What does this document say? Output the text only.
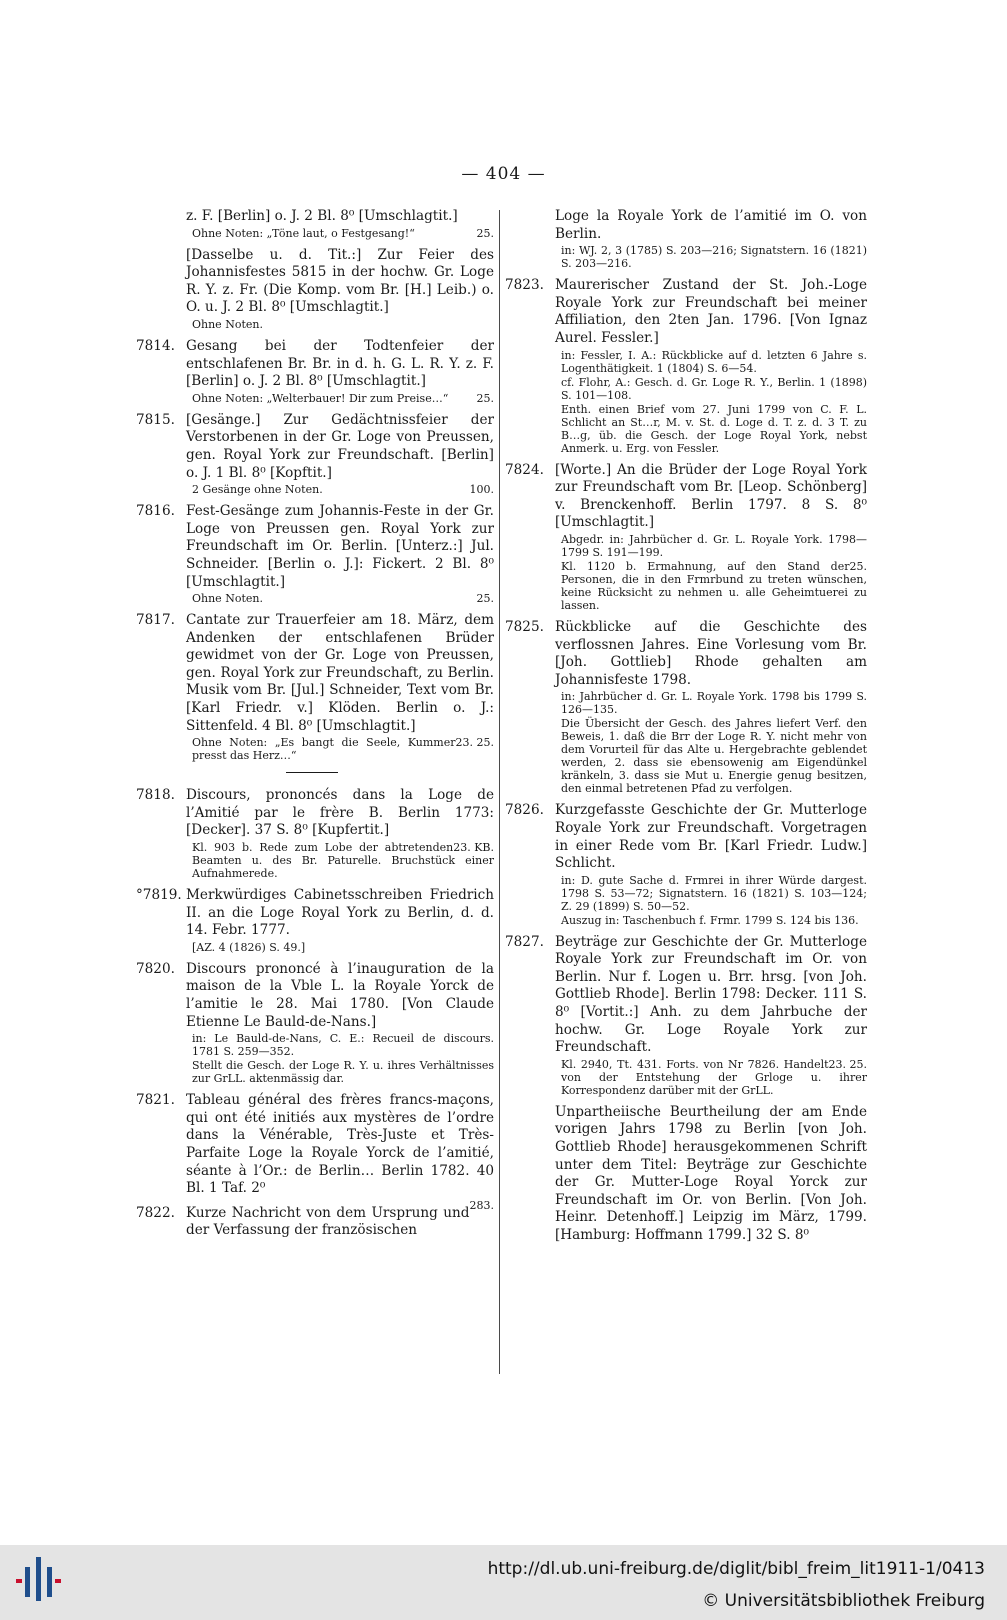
— 404 —
z. F. [Berlin] o. J. 2 Bl. 8⁰ [Umschlagtit.]
25.
Ohne Noten: „Töne laut, o Festgesang!“
[Dasselbe u. d. Tit.:] Zur Feier des Johannisfestes 5815 in der hochw. Gr. Loge R. Y. z. Fr. (Die Komp. vom Br. [H.] Leib.) o. O. u. J. 2 Bl. 8⁰ [Umschlagtit.]
Ohne Noten.
7814. Gesang bei der Todtenfeier der entschlafenen Br. Br. in d. h. G. L. R. Y. z. F. [Berlin] o. J. 2 Bl. 8⁰ [Umschlagtit.]
25.
Ohne Noten: „Welterbauer! Dir zum Preise…“
7815. [Gesänge.] Zur Gedächtnissfeier der Verstorbenen in der Gr. Loge von Preussen, gen. Royal York zur Freundschaft. [Berlin] o. J. 1 Bl. 8⁰ [Kopftit.]
100.
2 Gesänge ohne Noten.
7816. Fest-Gesänge zum Johannis-Feste in der Gr. Loge von Preussen gen. Royal York zur Freundschaft im Or. Berlin. [Unterz.:] Jul. Schneider. [Berlin o. J.]: Fickert. 2 Bl. 8⁰ [Umschlagtit.]
25.
Ohne Noten.
7817. Cantate zur Trauerfeier am 18. März, dem Andenken der entschlafenen Brüder gewidmet von der Gr. Loge von Preussen, gen. Royal York zur Freundschaft, zu Berlin. Musik vom Br. [Jul.] Schneider, Text vom Br. [Karl Friedr. v.] Klöden. Berlin o. J.: Sittenfeld. 4 Bl. 8⁰ [Umschlagtit.]
23. 25.
Ohne Noten: „Es bangt die Seele, Kummer presst das Herz…“
7818. Discours, prononcés dans la Loge de l’Amitié par le frère B. Berlin 1773: [Decker]. 37 S. 8⁰ [Kupfertit.]
23. KB.
Kl. 903 b. Rede zum Lobe der abtretenden Beamten u. des Br. Paturelle. Bruchstück einer Aufnahmerede.
°7819. Merkwürdiges Cabinetsschreiben Friedrich II. an die Loge Royal York zu Berlin, d. d. 14. Febr. 1777.
[AZ. 4 (1826) S. 49.]
7820. Discours prononcé à l’inauguration de la maison de la Vble L. la Royale Yorck de l’amitie le 28. Mai 1780. [Von Claude Etienne Le Bauld-de-Nans.]
in: Le Bauld-de-Nans, C. E.: Recueil de discours. 1781 S. 259—352.
Stellt die Gesch. der Loge R. Y. u. ihres Verhältnisses zur GrLL. aktenmässig dar.
7821. Tableau général des frères francs-maçons, qui ont été initiés aux mystères de l’ordre dans la Vénérable, Très-Juste et Très-Parfaite Loge la Royale Yorck de l’amitié, séante à l’Or.: de Berlin… Berlin 1782. 40 Bl. 1 Taf. 2⁰
283.
7822. Kurze Nachricht von dem Ursprung und der Verfassung der französischen
Loge la Royale York de l’amitié im O. von Berlin.
in: WJ. 2, 3 (1785) S. 203—216; Signatstern. 16 (1821) S. 203—216.
7823. Maurerischer Zustand der St. Joh.-Loge Royale York zur Freundschaft bei meiner Affiliation, den 2ten Jan. 1796. [Von Ignaz Aurel. Fessler.]
in: Fessler, I. A.: Rückblicke auf d. letzten 6 Jahre s. Logenthätigkeit. 1 (1804) S. 6—54.
cf. Flohr, A.: Gesch. d. Gr. Loge R. Y., Berlin. 1 (1898) S. 101—108.
Enth. einen Brief vom 27. Juni 1799 von C. F. L. Schlicht an St…r, M. v. St. d. Loge d. T. z. d. 3 T. zu B…g, üb. die Gesch. der Loge Royal York, nebst Anmerk. u. Erg. von Fessler.
7824. [Worte.] An die Brüder der Loge Royal York zur Freundschaft vom Br. [Leop. Schönberg] v. Brenckenhoff. Berlin 1797. 8 S. 8⁰ [Umschlagtit.]
Abgedr. in: Jahrbücher d. Gr. L. Royale York. 1798—1799 S. 191—199.
25.
Kl. 1120 b. Ermahnung, auf den Stand der Personen, die in den Frmrbund zu treten wünschen, keine Rücksicht zu nehmen u. alle Geheimtuerei zu lassen.
7825. Rückblicke auf die Geschichte des verflossnen Jahres. Eine Vorlesung vom Br. [Joh. Gottlieb] Rhode gehalten am Johannisfeste 1798.
in: Jahrbücher d. Gr. L. Royale York. 1798 bis 1799 S. 126—135.
Die Übersicht der Gesch. des Jahres liefert Verf. den Beweis, 1. daß die Brr der Loge R. Y. nicht mehr von dem Vorurteil für das Alte u. Hergebrachte geblendet werden, 2. dass sie ebensowenig am Eigendünkel kränkeln, 3. dass sie Mut u. Energie genug besitzen, den einmal betretenen Pfad zu verfolgen.
7826. Kurzgefasste Geschichte der Gr. Mutterloge Royale York zur Freundschaft. Vorgetragen in einer Rede vom Br. [Karl Friedr. Ludw.] Schlicht.
in: D. gute Sache d. Frmrei in ihrer Würde dargest. 1798 S. 53—72; Signatstern. 16 (1821) S. 103—124; Z. 29 (1899) S. 50—52.
Auszug in: Taschenbuch f. Frmr. 1799 S. 124 bis 136.
7827. Beyträge zur Geschichte der Gr. Mutterloge Royale York zur Freundschaft im Or. von Berlin. Nur f. Logen u. Brr. hrsg. [von Joh. Gottlieb Rhode]. Berlin 1798: Decker. 111 S. 8⁰ [Vortit.:] Anh. zu dem Jahrbuche der hochw. Gr. Loge Royale York zur Freundschaft.
23. 25.
Kl. 2940, Tt. 431. Forts. von Nr 7826. Handelt von der Entstehung der Grloge u. ihrer Korrespondenz darüber mit der GrLL.
Unpartheiische Beurtheilung der am Ende vorigen Jahrs 1798 zu Berlin [von Joh. Gottlieb Rhode] herausgekommenen Schrift unter dem Titel: Beyträge zur Geschichte der Gr. Mutter-Loge Royal Yorck zur Freundschaft im Or. von Berlin. [Von Joh. Heinr. Detenhoff.] Leipzig im März, 1799. [Hamburg: Hoffmann 1799.] 32 S. 8⁰
http://dl.ub.uni-freiburg.de/diglit/bibl_freim_lit1911-1/0413
© Universitätsbibliothek Freiburg
